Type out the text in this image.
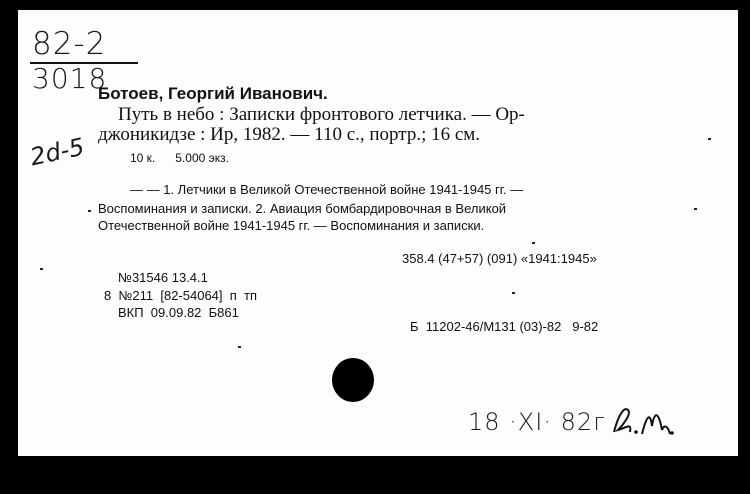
82-2
3018
2d-5
Ботоев, Георгий Иванович.
Путь в небо : Записки фронтового летчика. — Ор-
джоникидзе : Ир, 1982. — 110 с., портр.; 16 см.
10 к.      5.000 экз.
— — 1. Летчики в Великой Отечественной войне 1941-1945 гг. —
Воспоминания и записки. 2. Авиация бомбардировочная в Великой
Отечественной войне 1941-1945 гг. — Воспоминания и записки.
358.4 (47+57) (091) «1941:1945»
№31546 13.4.1
8  №211  [82-54064]  п  тп
ВКП  09.09.82  Б861
Б  11202-46/М131 (03)-82   9-82
18 ·XI· 82г
